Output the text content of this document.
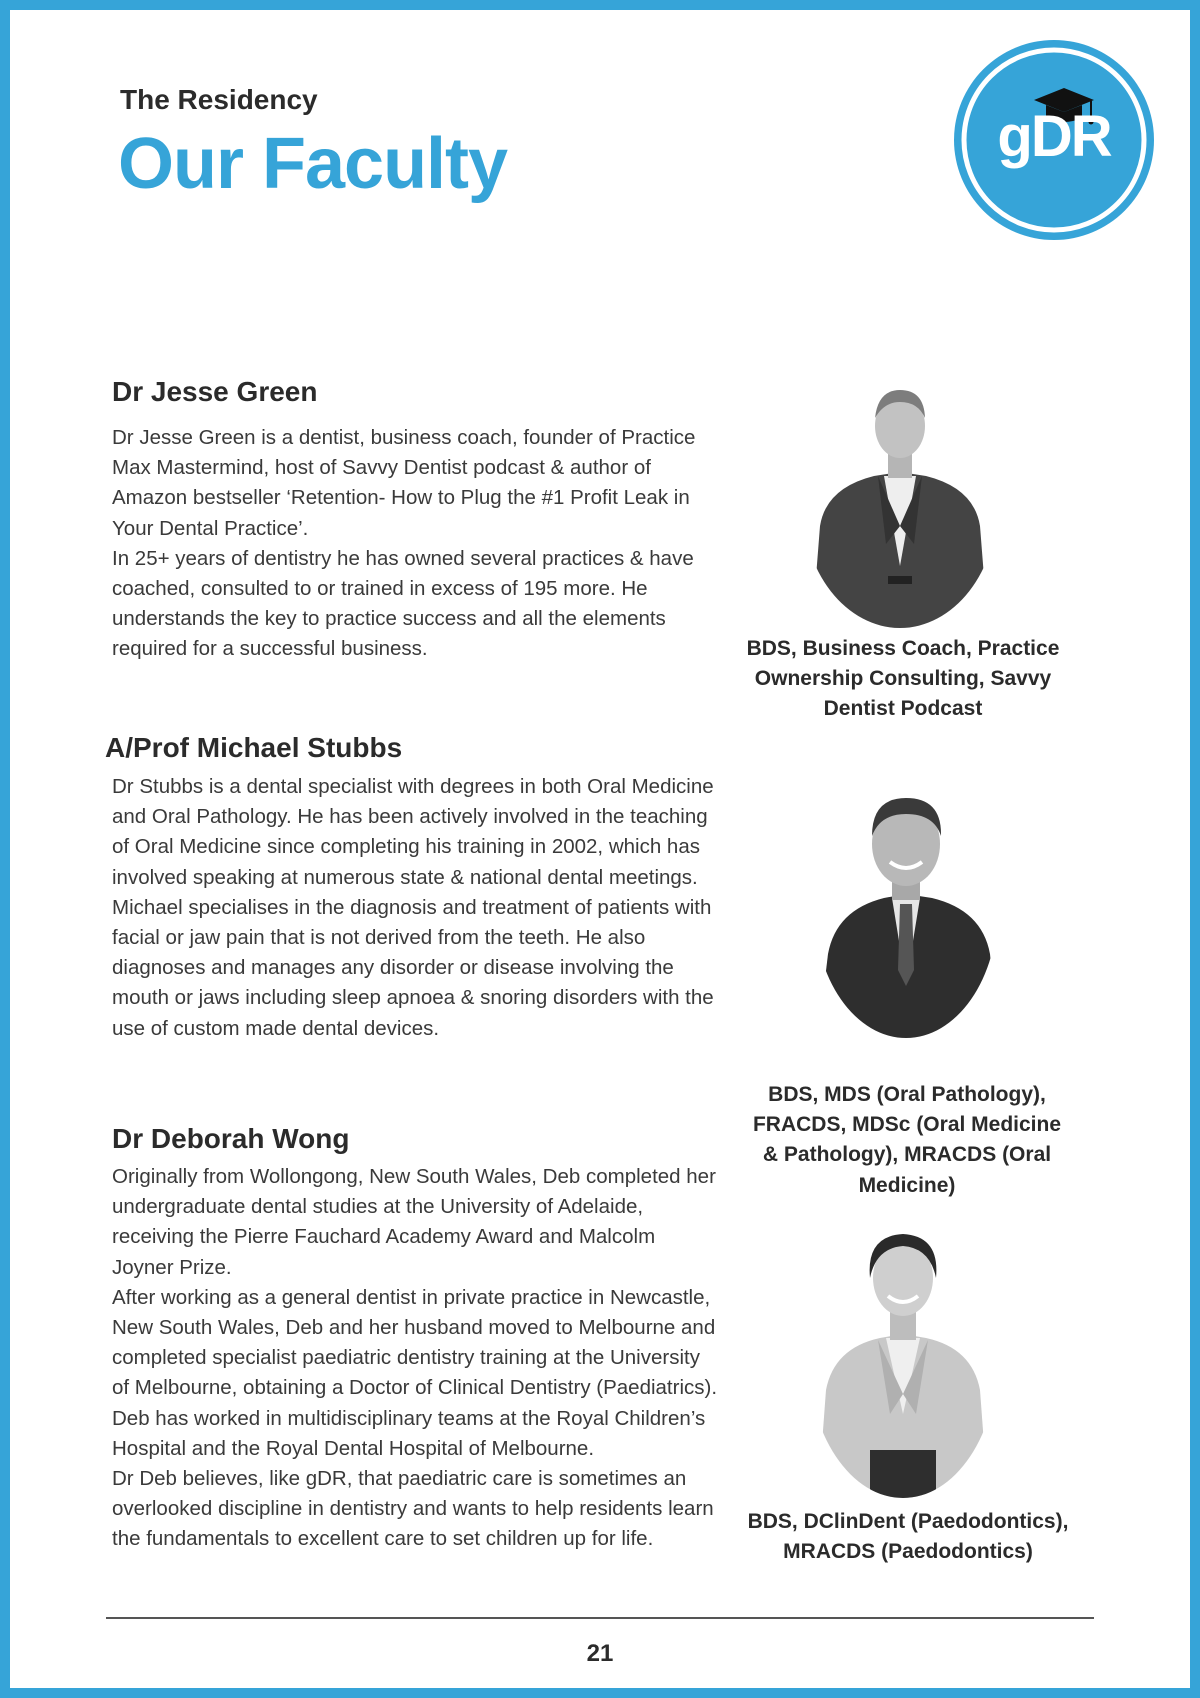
The Residency
Our Faculty	gDR
Dr Jesse Green

Dr Jesse Green is a dentist, business coach, founder of Practice Max Mastermind, host of Savvy Dentist podcast & author of Amazon bestseller ‘Retention- How to Plug the #1 Profit Leak in Your Dental Practice’.

In 25+ years of dentistry he has owned several practices & have coached, consulted to or trained in excess of 195 more. He understands the key to practice success and all the elements required for a successful business.	BDS, Business Coach, Practice Ownership Consulting, Savvy Dentist Podcast
A/Prof Michael Stubbs

Dr Stubbs is a dental specialist with degrees in both Oral Medicine and Oral Pathology. He has been actively involved in the teaching of Oral Medicine since completing his training in 2002, which has involved speaking at numerous state & national dental meetings. Michael specialises in the diagnosis and treatment of patients with facial or jaw pain that is not derived from the teeth. He also diagnoses and manages any disorder or disease involving the mouth or jaws including sleep apnoea & snoring disorders with the use of custom made dental devices.

BDS, MDS (Oral Pathology), FRACDS, MDSc (Oral Medicine & Pathology), MRACDS (Oral Medicine)
Dr Deborah Wong

Originally from Wollongong, New South Wales, Deb completed her undergraduate dental studies at the University of Adelaide, receiving the Pierre Fauchard Academy Award and Malcolm Joyner Prize.

After working as a general dentist in private practice in Newcastle, New South Wales, Deb and her husband moved to Melbourne and completed specialist paediatric dentistry training at the University of Melbourne, obtaining a Doctor of Clinical Dentistry (Paediatrics). Deb has worked in multidisciplinary teams at the Royal Children’s Hospital and the Royal Dental Hospital of Melbourne.

Dr Deb believes, like gDR, that paediatric care is sometimes an overlooked discipline in dentistry and wants to help residents learn the fundamentals to excellent care to set children up for life.

BDS, DClinDent (Paedodontics), MRACDS (Paedodontics)
21
